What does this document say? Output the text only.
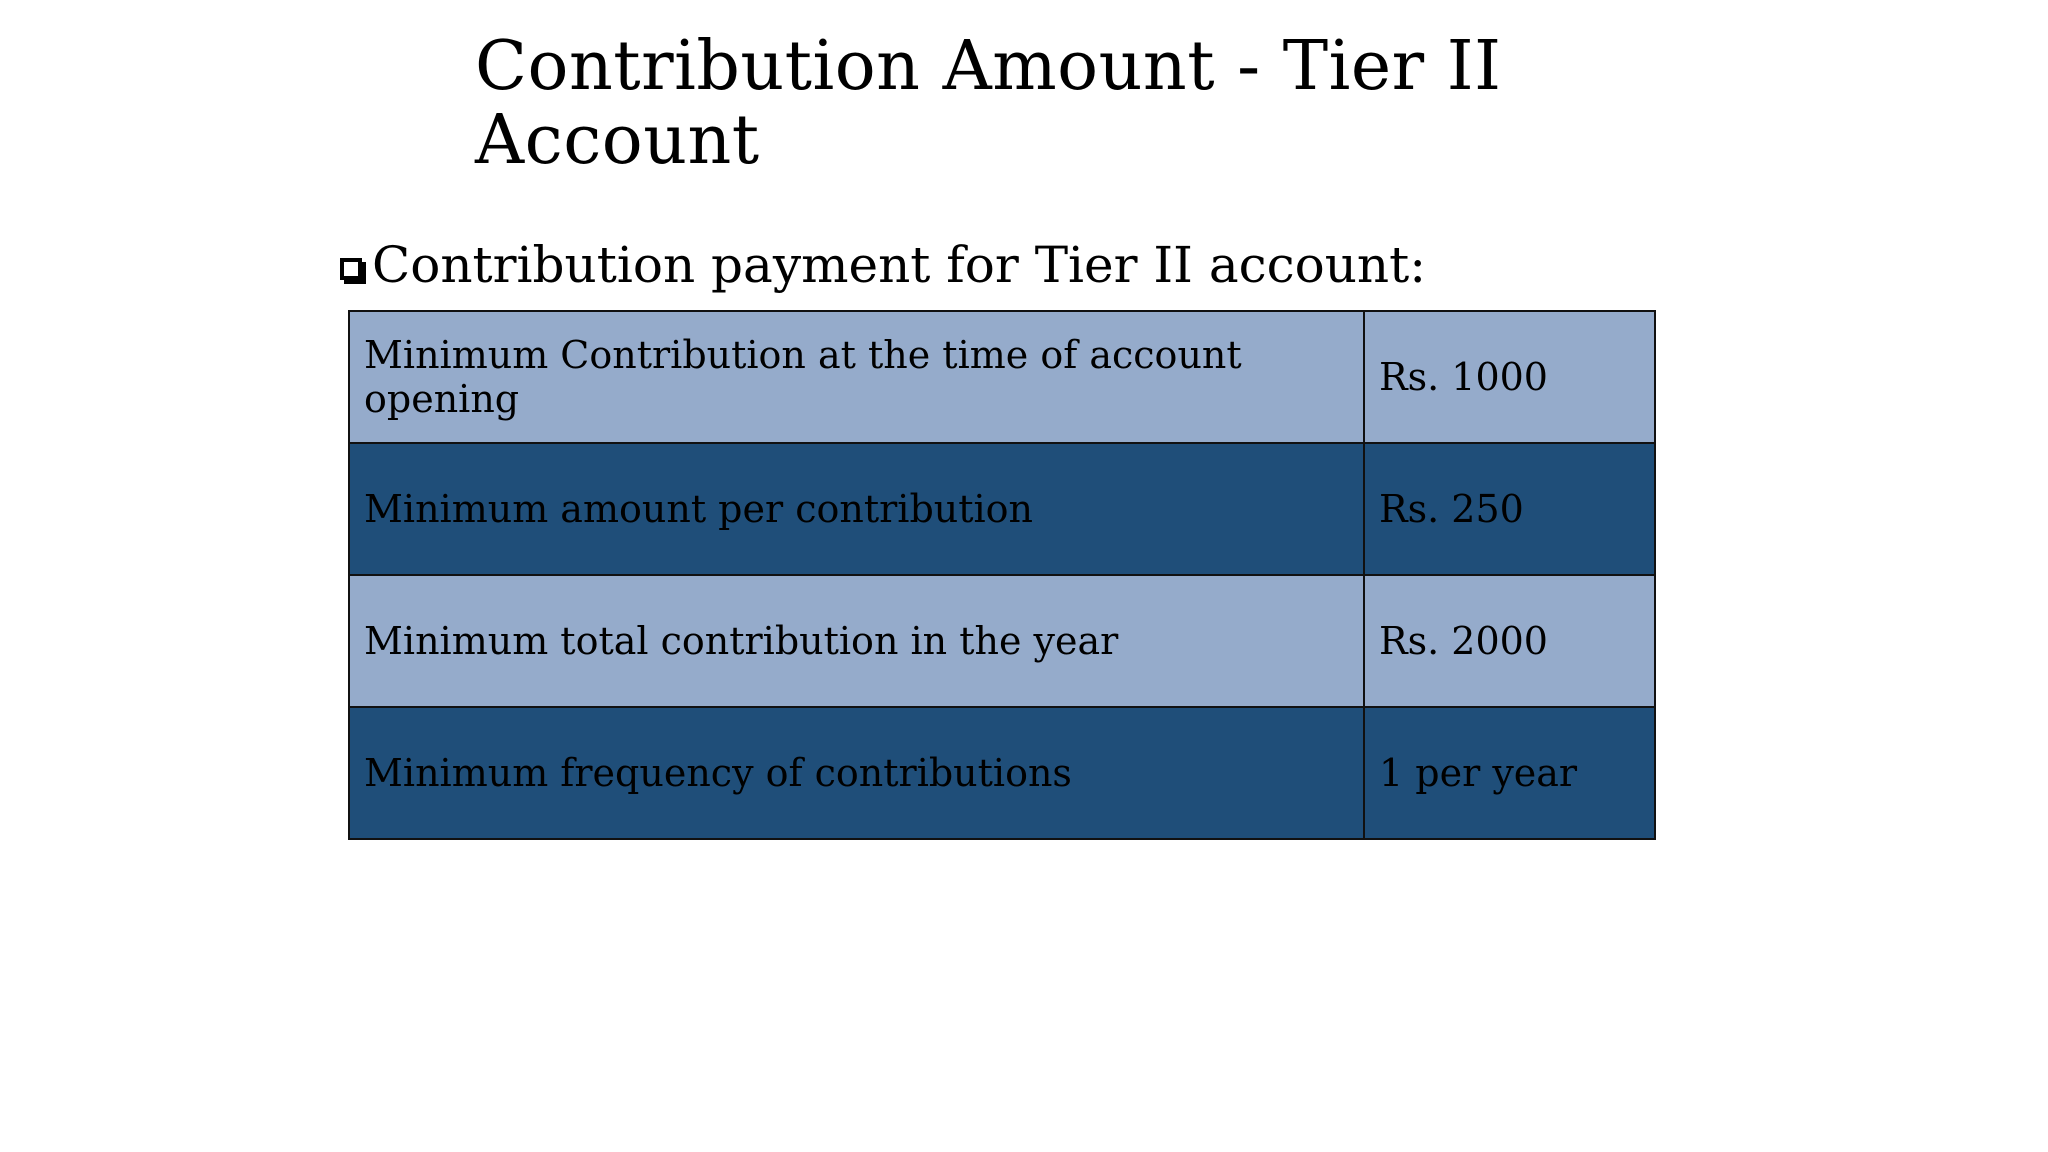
Contribution Amount - Tier II
Account
Contribution payment for Tier II account:
Minimum Contribution at the time of account opening	Rs. 1000
Minimum amount per contribution	Rs. 250
Minimum total contribution in the year	Rs. 2000
Minimum frequency of contributions	1 per year
